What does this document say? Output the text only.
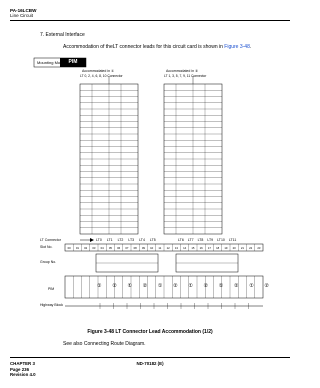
PA-16LCBW
Line Circuit
7. External Interface
Accommodation of theLT connector leads for this circuit card is shown in Figure 3-48.
Mounting Module PIM
Accommodated in ①
LT 0, 2, 4, 6, 8, 10 Connector
Accommodated in ②
LT 1, 3, 5, 7, 9, 11 Connector
LT Connector
Slot No.
Group No.
PIM
Highway Block
LT0 LT1 LT2 LT3 LT4 LT5	LT6 LT7 LT8 LT9 LT10 LT11
00	01	02	03	04	05	06	07	08	09	10	11	12	13	14	15	16	17	18	19	20	21	22	23
① ② ① ② ① ② ① ② ① ② ① ②
Figure 3-48 LT Connector Lead Accommodation (1/2)
See also Connecting Route Diagram.
CHAPTER 3
Page 236
Revision 4.0
ND-70182 (E)
